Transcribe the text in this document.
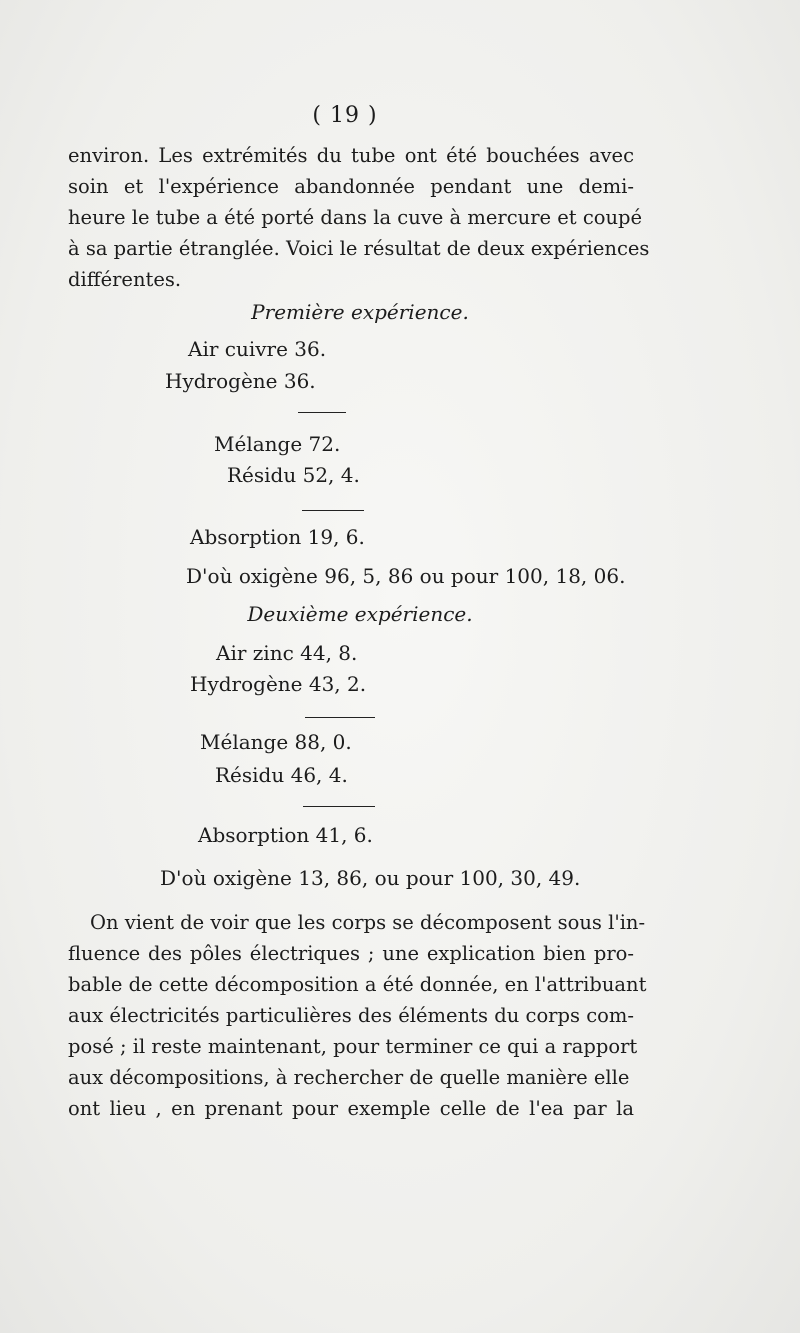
( 19 )
environ. Les extrémités du tube ont été bouchées avec
soin et l'expérience abandonnée pendant une demi-
heure le tube a été porté dans la cuve à mercure et coupé
à sa partie étranglée. Voici le résultat de deux expériences
différentes.
Première expérience.
Air cuivre 36.
Hydrogène 36.
Mélange 72.
Résidu 52, 4.
Absorption 19, 6.
D'où oxigène 96, 5, 86 ou pour 100, 18, 06.
Deuxième expérience.
Air zinc 44, 8.
Hydrogène 43, 2.
Mélange 88, 0.
Résidu 46, 4.
Absorption 41, 6.
D'où oxigène 13, 86, ou pour 100, 30, 49.
On vient de voir que les corps se décomposent sous l'in-
fluence des pôles électriques ; une explication bien pro-
bable de cette décomposition a été donnée, en l'attribuant
aux électricités particulières des éléments du corps com-
posé ; il reste maintenant, pour terminer ce qui a rapport
aux décompositions, à rechercher de quelle manière elle
ont lieu , en prenant pour exemple celle de l'ea par la
